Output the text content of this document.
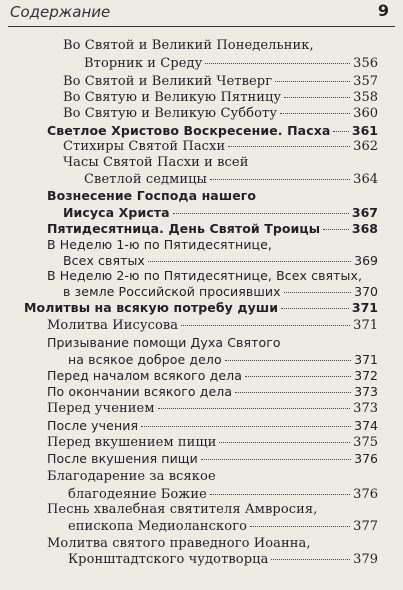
Содержание	9
Во Святой и Великий Понедельник,
Вторник и Среду	356
Во Святой и Великий Четверг	357
Во Святую и Великую Пятницу	358
Во Святую и Великую Субботу	360
Светлое Христово Воскресение. Пасха 361
Стихиры Святой Пасхи	362
Часы Святой Пасхи и всей
Светлой седмицы	364
Вознесение Господа нашего
Иисуса Христа	367
Пятидесятница. День Святой Троицы	368
В Неделю 1-ю по Пятидесятнице,
Всех святых	369
В Неделю 2-ю по Пятидесятнице, Всех святых,
в земле Российской просиявших	370
Молитвы на всякую потребу души	371
Молитва Иисусова	371
Призывание помощи Духа Святого
на всякое доброе дело	371
Перед началом всякого дела	372
По окончании всякого дела	373
Перед учением	373
После учения	374
Перед вкушением пищи	375
После вкушения пищи	376
Благодарение за всякое
благодеяние Божие	376
Песнь хвалебная святителя Амвросия,
епископа Медиоланского	377
Молитва святого праведного Иоанна,
Кронштадтского чудотворца	379
